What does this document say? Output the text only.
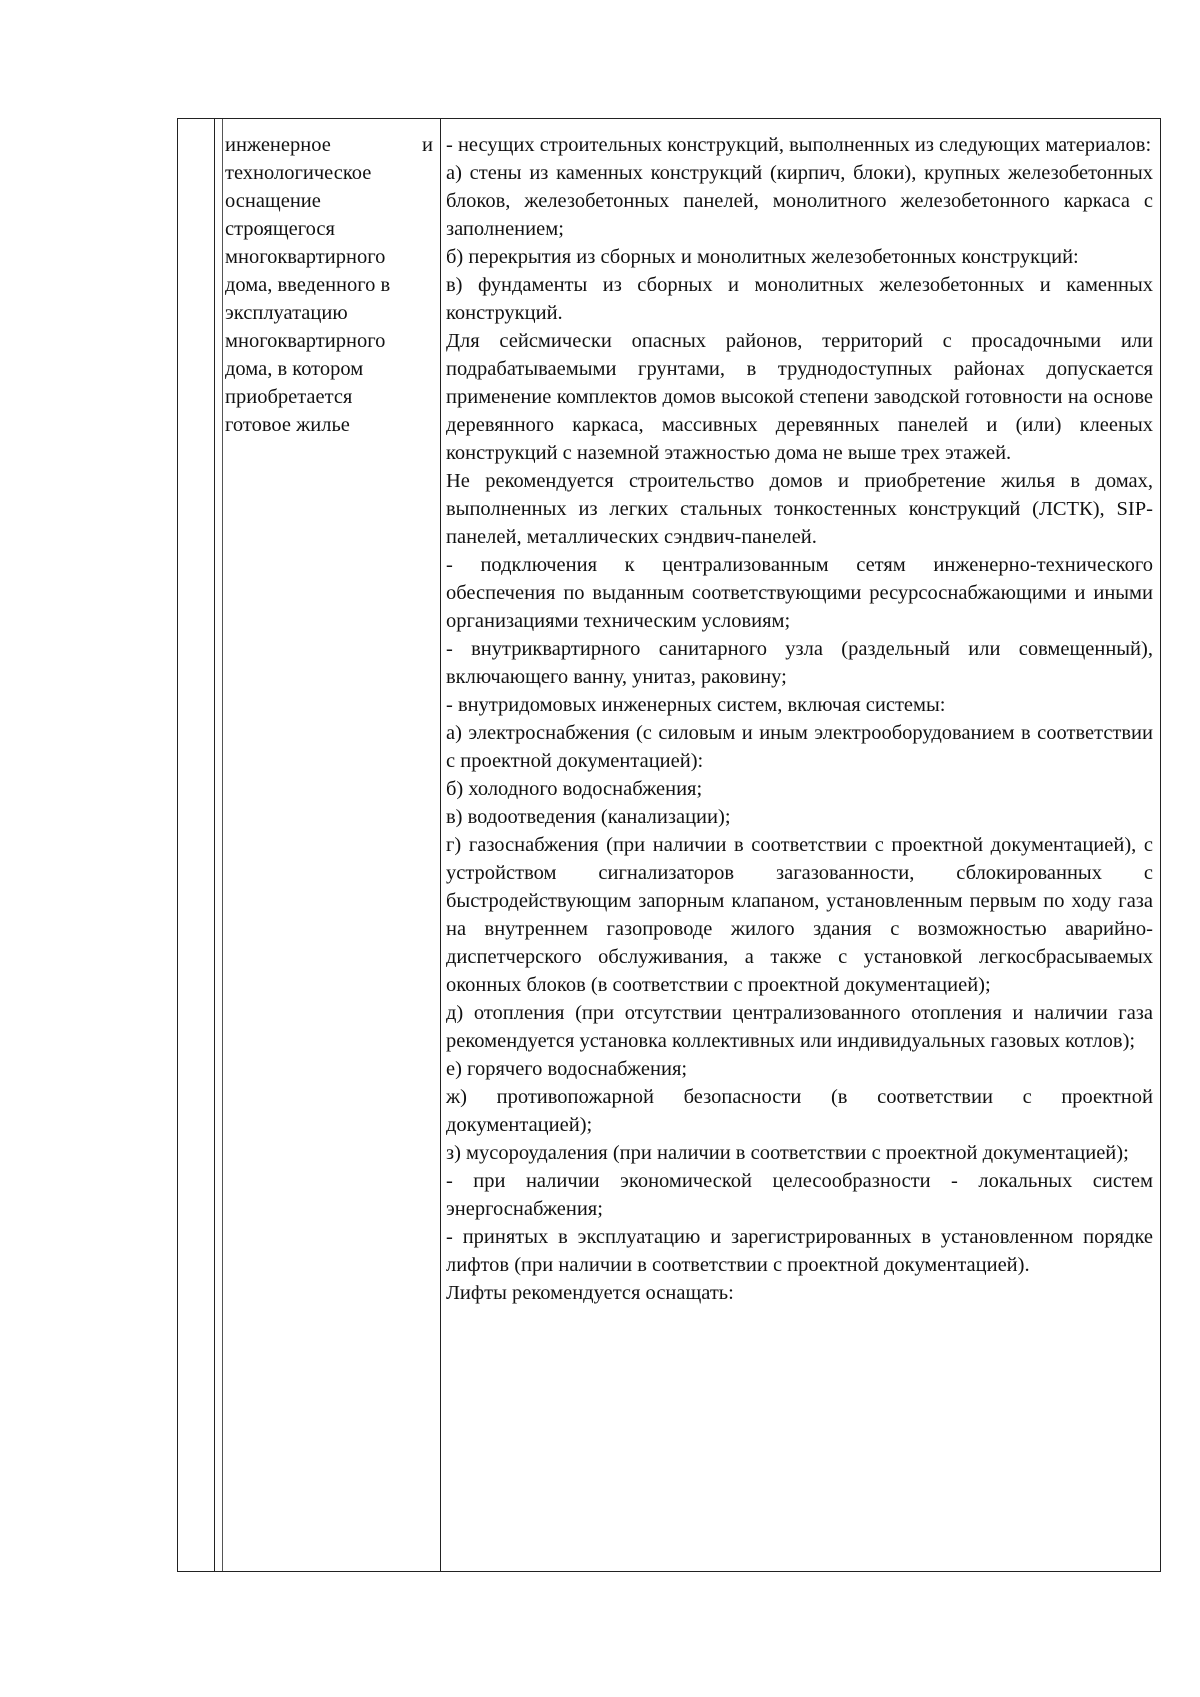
инженерное	и
технологическое
оснащение
строящегося
многоквартирного
дома, введенного в
эксплуатацию
многоквартирного
дома, в котором
приобретается
готовое жилье

- несущих строительных конструкций, выполненных из следующих материалов:

а) стены из каменных конструкций (кирпич, блоки), крупных железобетонных блоков, железобетонных панелей, монолитного железобетонного каркаса с заполнением;

б) перекрытия из сборных и монолитных железобетонных конструкций:

в) фундаменты из сборных и монолитных железобетонных и каменных конструкций.

Для сейсмически опасных районов, территорий с просадочными или подрабатываемыми грунтами, в труднодоступных районах допускается применение комплектов домов высокой степени заводской готовности на основе деревянного каркаса, массивных деревянных панелей и (или) клееных конструкций с наземной этажностью дома не выше трех этажей.

Не рекомендуется строительство домов и приобретение жилья в домах, выполненных из легких стальных тонкостенных конструкций (ЛСТК), SIP-панелей, металлических сэндвич-панелей.

- подключения к централизованным сетям инженерно-технического обеспечения по выданным соответствующими ресурсоснабжающими и иными организациями техническим условиям;

- внутриквартирного санитарного узла (раздельный или совмещенный), включающего ванну, унитаз, раковину;

- внутридомовых инженерных систем, включая системы:

а) электроснабжения (с силовым и иным электрооборудованием в соответствии с проектной документацией):

б) холодного водоснабжения;

в) водоотведения (канализации);

г) газоснабжения (при наличии в соответствии с проектной документацией), с устройством сигнализаторов загазованности, сблокированных с быстродействующим запорным клапаном, установленным первым по ходу газа на внутреннем газопроводе жилого здания с возможностью аварийно-диспетчерского обслуживания, а также с установкой легкосбрасываемых оконных блоков (в соответствии с проектной документацией);

д) отопления (при отсутствии централизованного отопления и наличии газа рекомендуется установка коллективных или индивидуальных газовых котлов);

е) горячего водоснабжения;

ж) противопожарной безопасности (в соответствии с проектной документацией);

з) мусороудаления (при наличии в соответствии с проектной документацией);

- при наличии экономической целесообразности - локальных систем энергоснабжения;

- принятых в эксплуатацию и зарегистрированных в установленном порядке лифтов (при наличии в соответствии с проектной документацией).

Лифты рекомендуется оснащать:
